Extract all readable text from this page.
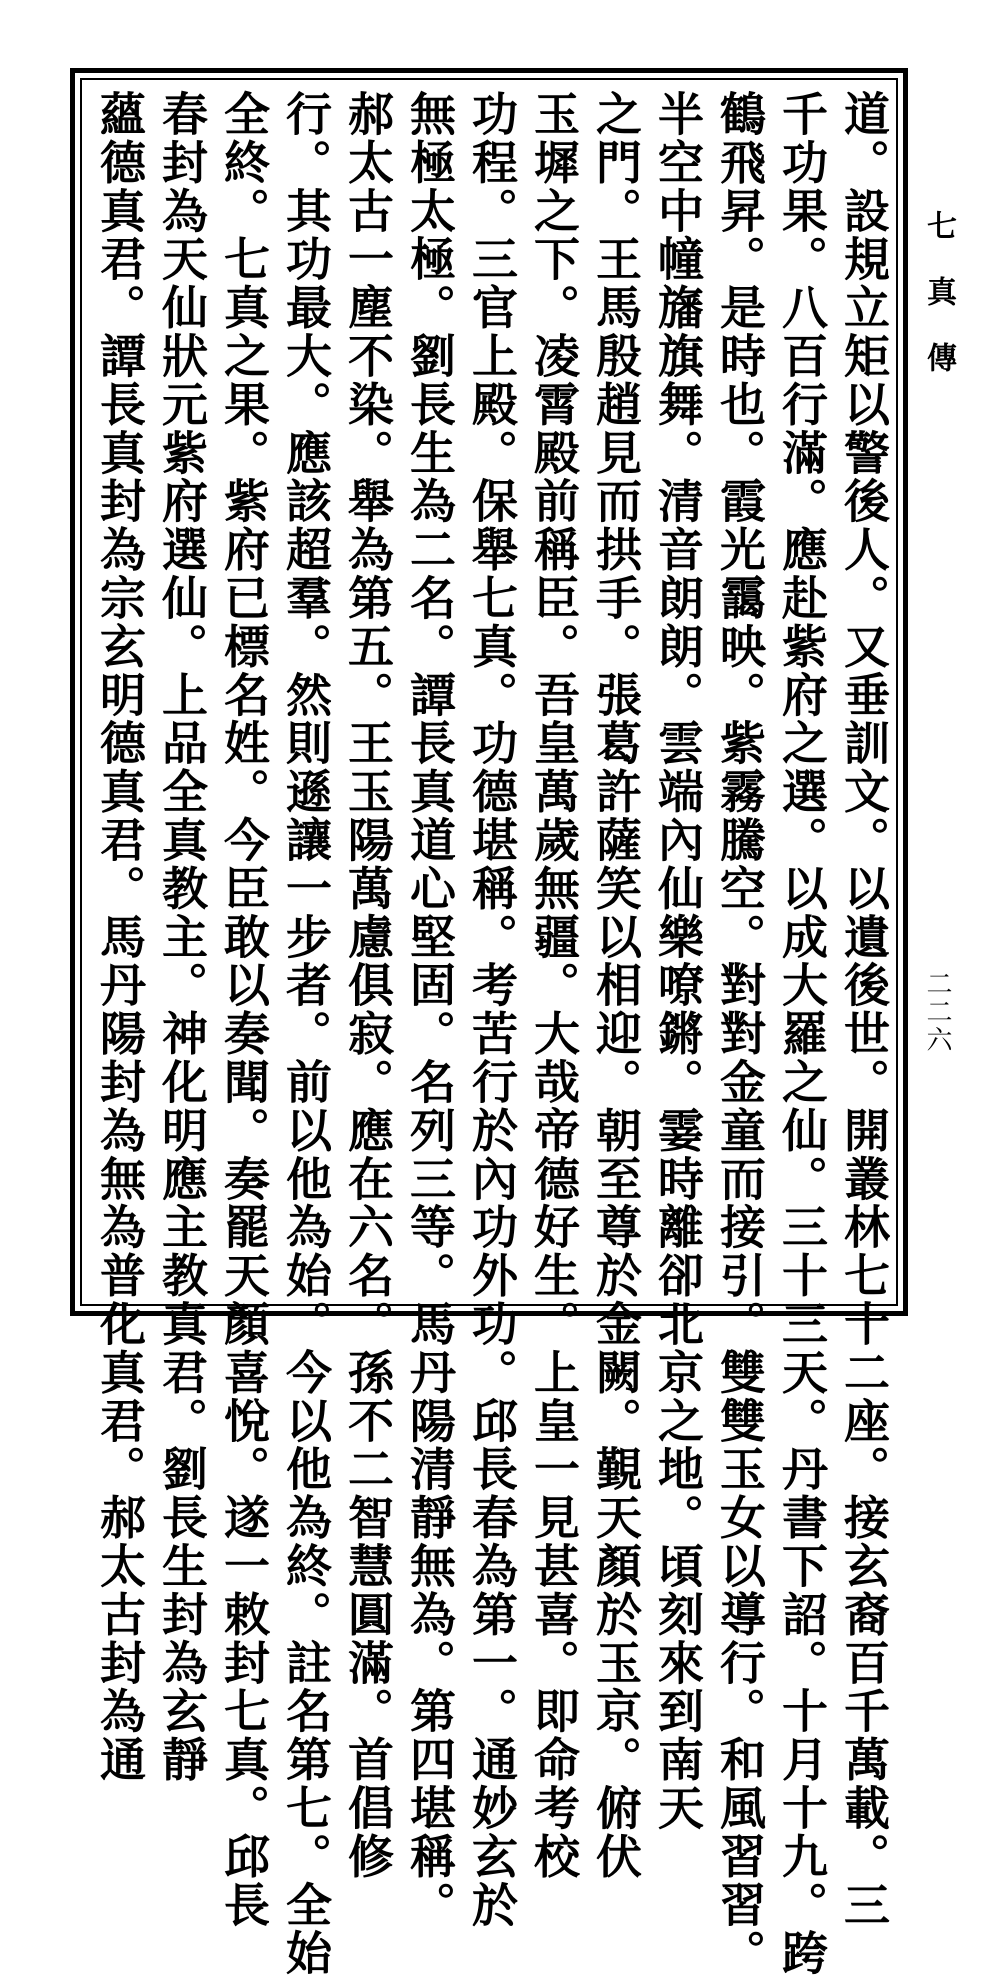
道。設規立矩以警後人。又垂訓文。以遺後世。開叢林七十二座。接玄裔百千萬載。三
千功果。八百行滿。應赴紫府之選。以成大羅之仙。三十三天。丹書下詔。十月十九。跨
鶴飛昇。是時也。霞光靄映。紫霧騰空。對對金童而接引。雙雙玉女以導行。和風習習。
半空中幢旛旗舞。清音朗朗。雲端內仙樂嘹鏘。霎時離卻北京之地。頃刻來到南天
之門。王馬殷趙見而拱手。張葛許薩笑以相迎。朝至尊於金闕。覲天顏於玉京。俯伏
玉墀之下。凌霄殿前稱臣。吾皇萬歲無疆。大哉帝德好生。上皇一見甚喜。即命考校
功程。三官上殿。保舉七真。功德堪稱。考苦行於內功外功。邱長春為第一。通妙玄於
無極太極。劉長生為二名。譚長真道心堅固。名列三等。馬丹陽清靜無為。第四堪稱。
郝太古一塵不染。舉為第五。王玉陽萬慮俱寂。應在六名。孫不二智慧圓滿。首倡修
行。其功最大。應該超羣。然則遜讓一步者。前以他為始。今以他為終。註名第七。全始
全終。七真之果。紫府已標名姓。今臣敢以奏聞。奏罷天顏喜悅。遂一敕封七真。邱長
春封為天仙狀元紫府選仙。上品全真教主。神化明應主教真君。劉長生封為玄靜
蘊德真君。譚長真封為宗玄明德真君。馬丹陽封為無為普化真君。郝太古封為通	七真傳
二二六
